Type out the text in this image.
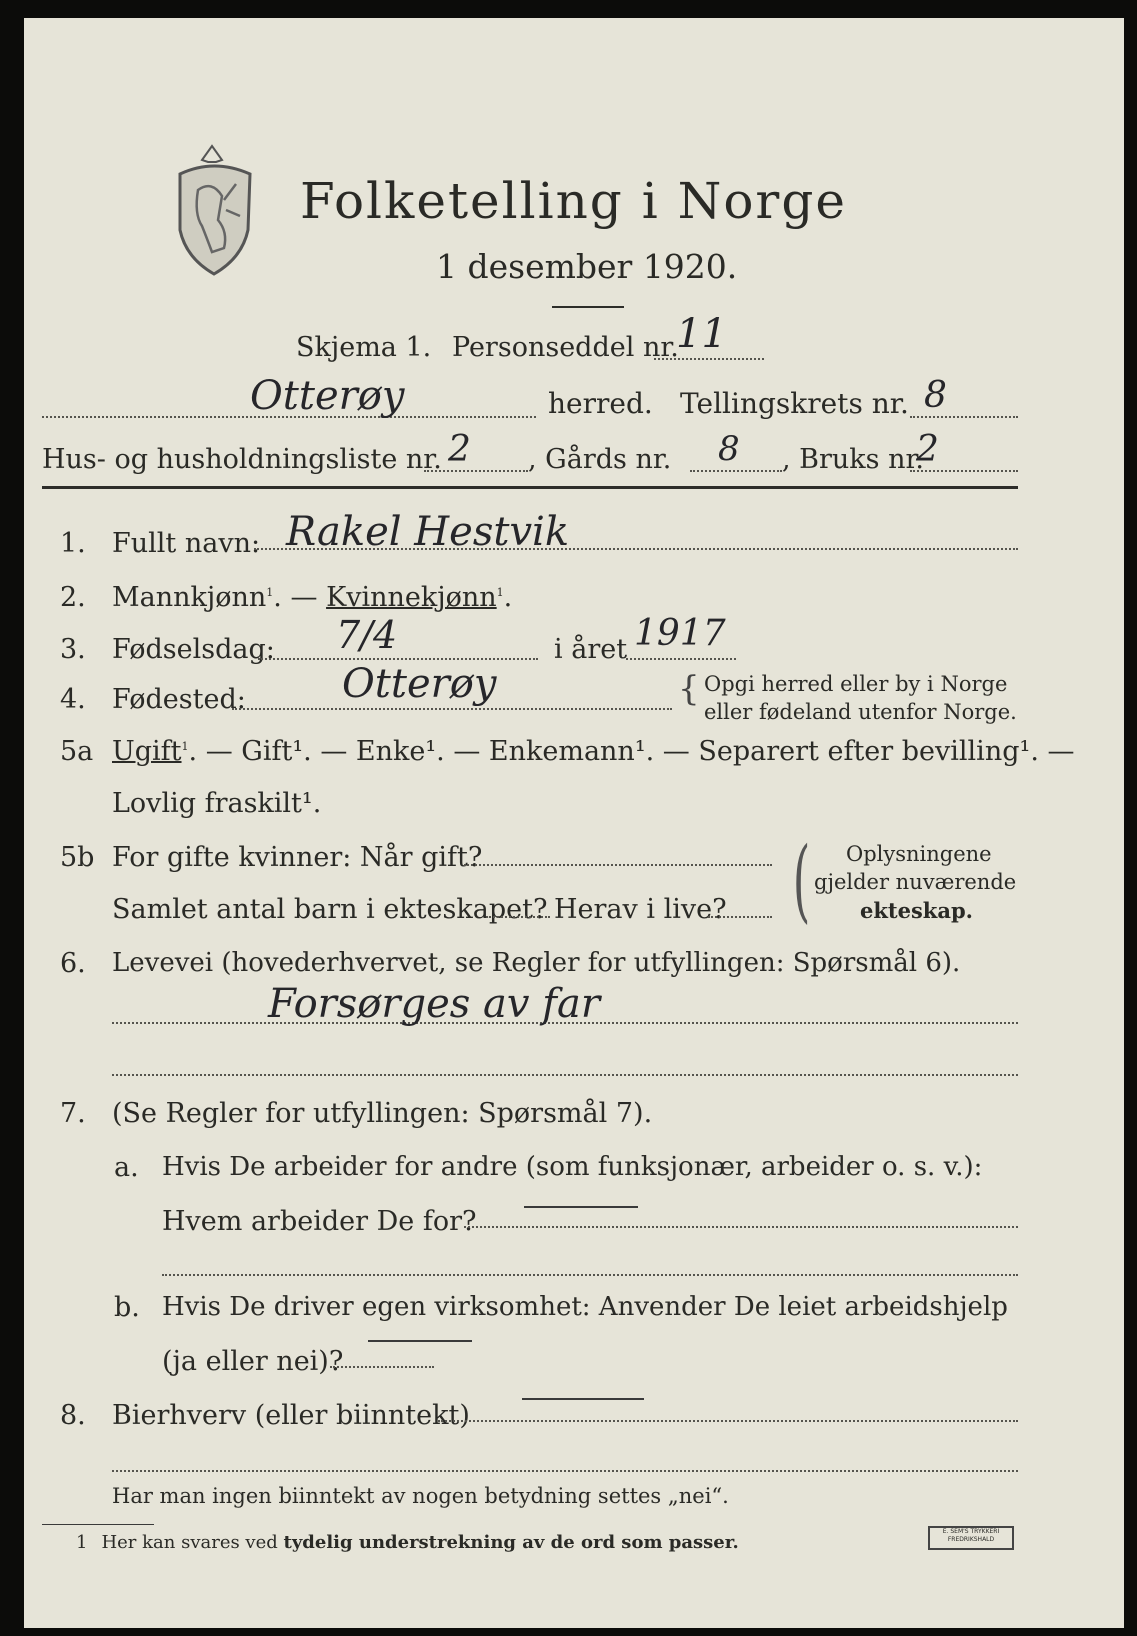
Folketelling i Norge
1 desember 1920.
Skjema 1. Personseddel nr.
11
Otterøy	herred. Tellingskrets nr. 8
Hus- og husholdningsliste nr. 2 , Gårds nr. 8 , Bruks nr.
2
1. Fullt navn: Rakel Hestvik
2. Mannkjønn$^1$. — Kvinnekjønn$^1$.
3. Fødselsdag: 7/4	i året 1917
4. Fødested: Otterøy	{ Opgi herred eller by i Norge
eller fødeland utenfor Norge.
5a Ugift$^1$. — Gift¹. — Enke¹. — Enkemann¹. — Separert efter bevilling¹. —
Lovlig fraskilt¹.
5b For gifte kvinner: Når gift?
Samlet antal barn i ekteskapet? Herav i live? ( Oplysningene
gjelder nuværende
ekteskap.
6. Levevei (hovederhvervet, se Regler for utfyllingen: Spørsmål 6).
Forsørges av far
7. (Se Regler for utfyllingen: Spørsmål 7).
a. Hvis De arbeider for andre (som funksjonær, arbeider o. s. v.):
Hvem arbeider De for?
b. Hvis De driver egen virksomhet: Anvender De leiet arbeidshjelp
(ja eller nei)?
8. Bierhverv (eller biinntekt)
Har man ingen biinntekt av nogen betydning settes „nei“.
1 Her kan svares ved tydelig understrekning av de ord som passer.
E. SEM'S TRYKKERI FREDRIKSHALD
